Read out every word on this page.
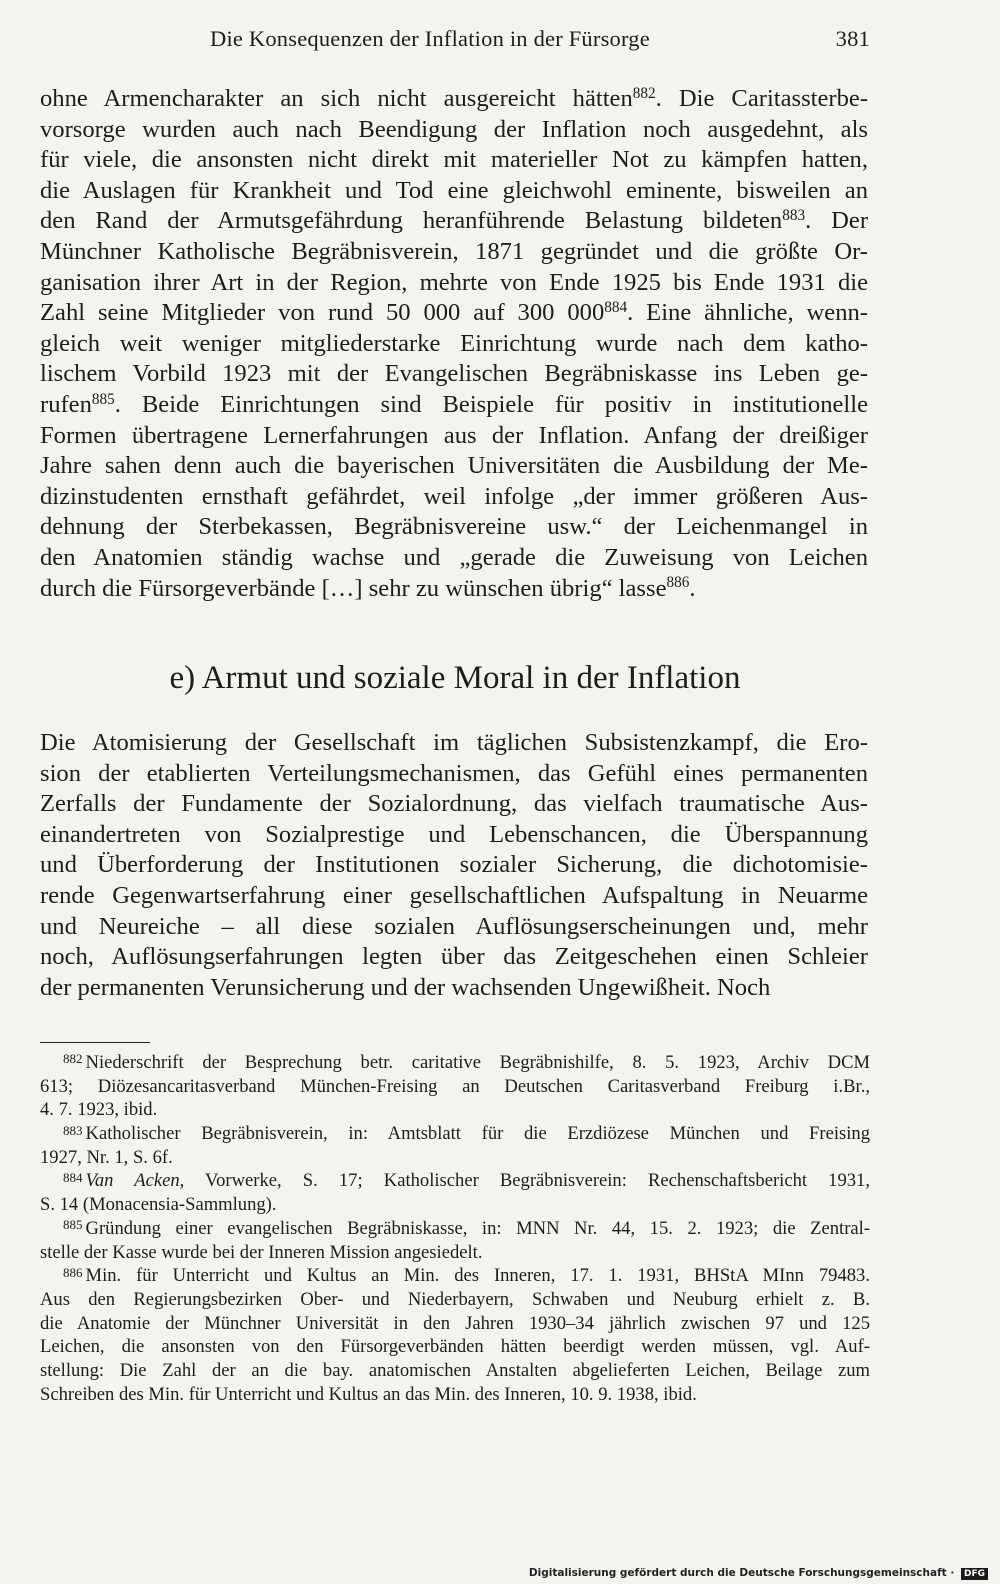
Die Konsequenzen der Inflation in der Fürsorge	381
ohne Armencharakter an sich nicht ausgereicht hätten$^{882}$. Die Caritassterbe-
vorsorge wurden auch nach Beendigung der Inflation noch ausgedehnt, als
für viele, die ansonsten nicht direkt mit materieller Not zu kämpfen hatten,
die Auslagen für Krankheit und Tod eine gleichwohl eminente, bisweilen an
den Rand der Armutsgefährdung heranführende Belastung bildeten$^{883}$. Der
Münchner Katholische Begräbnisverein, 1871 gegründet und die größte Or-
ganisation ihrer Art in der Region, mehrte von Ende 1925 bis Ende 1931 die
Zahl seine Mitglieder von rund 50 000 auf 300 $000^{884}$. Eine ähnliche, wenn-
gleich weit weniger mitgliederstarke Einrichtung wurde nach dem katho-
lischem Vorbild 1923 mit der Evangelischen Begräbniskasse ins Leben ge-
rufen$^{885}$. Beide Einrichtungen sind Beispiele für positiv in institutionelle
Formen übertragene Lernerfahrungen aus der Inflation. Anfang der dreißiger
Jahre sahen denn auch die bayerischen Universitäten die Ausbildung der Me-
dizinstudenten ernsthaft gefährdet, weil infolge „der immer größeren Aus-
dehnung der Sterbekassen, Begräbnisvereine usw.“ der Leichenmangel in
den Anatomien ständig wachse und „gerade die Zuweisung von Leichen
durch die Fürsorgeverbände […] sehr zu wünschen übrig“ lasse$^{886}$.
e) Armut und soziale Moral in der Inflation
Die Atomisierung der Gesellschaft im täglichen Subsistenzkampf, die Ero-
sion der etablierten Verteilungsmechanismen, das Gefühl eines permanenten
Zerfalls der Fundamente der Sozialordnung, das vielfach traumatische Aus-
einandertreten von Sozialprestige und Lebenschancen, die Überspannung
und Überforderung der Institutionen sozialer Sicherung, die dichotomisie-
rende Gegenwartserfahrung einer gesellschaftlichen Aufspaltung in Neuarme
und Neureiche – all diese sozialen Auflösungserscheinungen und, mehr
noch, Auflösungserfahrungen legten über das Zeitgeschehen einen Schleier
der permanenten Verunsicherung und der wachsenden Ungewißheit. Noch
$^{882}$ Niederschrift der Besprechung betr. caritative Begräbnishilfe, 8. 5. 1923, Archiv DCM
613; Diözesancaritasverband München-Freising an Deutschen Caritasverband Freiburg i.Br.,
4. 7. 1923, ibid.
$^{883}$ Katholischer Begräbnisverein, in: Amtsblatt für die Erzdiözese München und Freising
1927, Nr. 1, S. 6f.
$^{884}$ Van Acken, Vorwerke, S. 17; Katholischer Begräbnisverein: Rechenschaftsbericht 1931,
S. 14 (Monacensia-Sammlung).
$^{885}$ Gründung einer evangelischen Begräbniskasse, in: MNN Nr. 44, 15. 2. 1923; die Zentral-
stelle der Kasse wurde bei der Inneren Mission angesiedelt.
$^{886}$ Min. für Unterricht und Kultus an Min. des Inneren, 17. 1. 1931, BHStA MInn 79483.
Aus den Regierungsbezirken Ober- und Niederbayern, Schwaben und Neuburg erhielt z. B.
die Anatomie der Münchner Universität in den Jahren 1930–34 jährlich zwischen 97 und 125
Leichen, die ansonsten von den Fürsorgeverbänden hätten beerdigt werden müssen, vgl. Auf-
stellung: Die Zahl der an die bay. anatomischen Anstalten abgelieferten Leichen, Beilage zum
Schreiben des Min. für Unterricht und Kultus an das Min. des Inneren, 10. 9. 1938, ibid.
Digitalisierung gefördert durch die Deutsche Forschungsgemeinschaft · DFG
